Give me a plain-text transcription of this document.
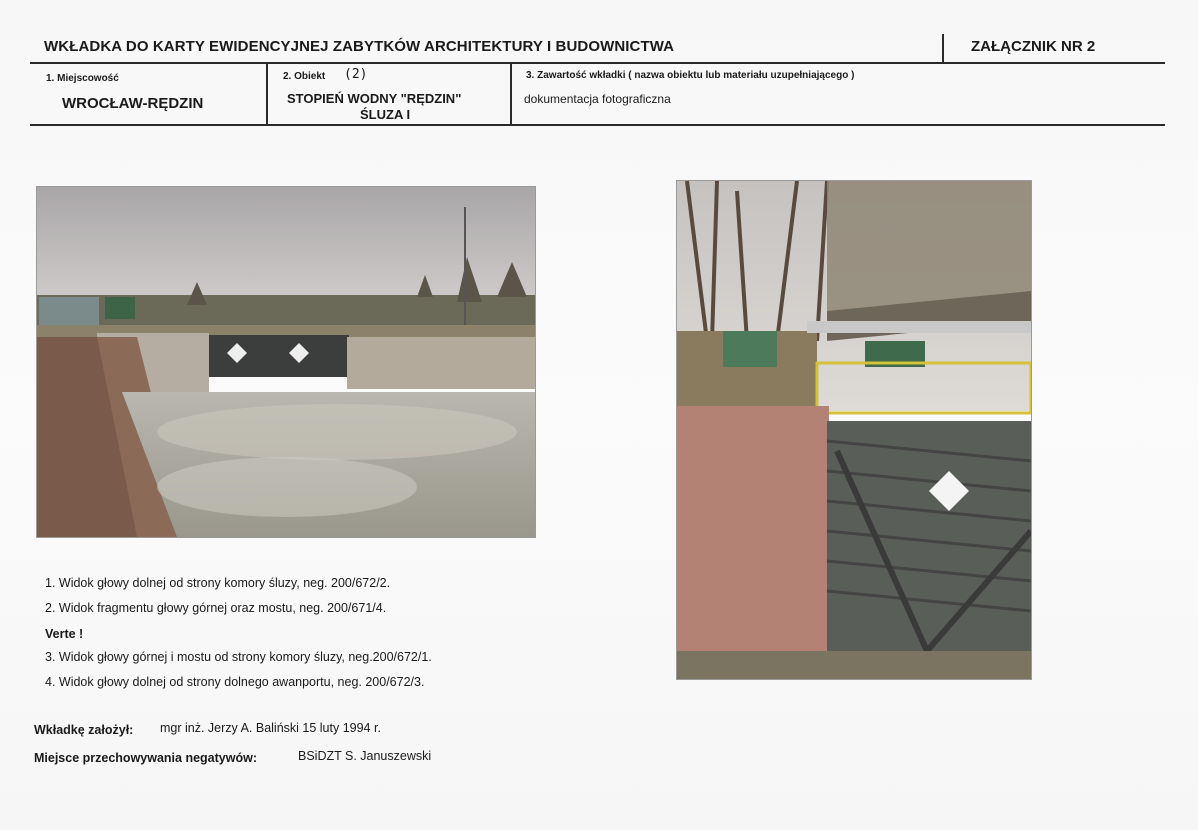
WKŁADKA DO KARTY EWIDENCYJNEJ ZABYTKÓW ARCHITEKTURY I BUDOWNICTWA	ZAŁĄCZNIK NR 2
1. Miejscowość
WROCŁAW-RĘDZIN
2. Obiekt (2)
STOPIEŃ WODNY "RĘDZIN"
ŚLUZA I
3. Zawartość wkładki ( nazwa obiektu lub materiału uzupełniającego )
dokumentacja fotograficzna
1. Widok głowy dolnej od strony komory śluzy, neg. 200/672/2.
2. Widok fragmentu głowy górnej oraz mostu, neg. 200/671/4.
Verte !
3. Widok głowy górnej i mostu od strony komory śluzy, neg.200/672/1.
4. Widok głowy dolnej od strony dolnego awanportu, neg. 200/672/3.
Wkładkę założył: mgr inż. Jerzy A. Baliński 15 luty 1994 r.
Miejsce przechowywania negatywów:	BSiDZT S. Januszewski
